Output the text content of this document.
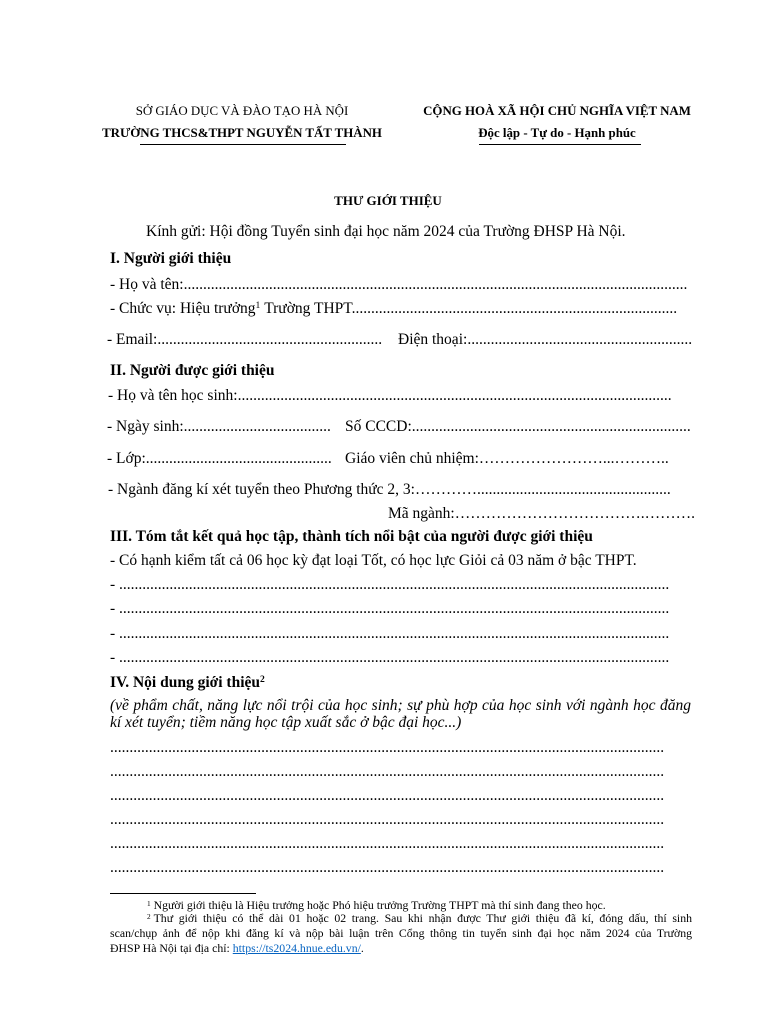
SỞ GIÁO DỤC VÀ ĐÀO TẠO HÀ NỘI
TRƯỜNG THCS&THPT NGUYỄN TẤT THÀNH
CỘNG HOÀ XÃ HỘI CHỦ NGHĨA VIỆT NAM
Độc lập - Tự do - Hạnh phúc
THƯ GIỚI THIỆU
Kính gửi: Hội đồng Tuyển sinh đại học năm 2024 của Trường ĐHSP Hà Nội.
I. Người giới thiệu
- Họ và tên:..................................................................................................................................
- Chức vụ: Hiệu trưởng$^1$ Trường THPT....................................................................................
- Email:.......................................................... Điện thoại:..........................................................
II. Người được giới thiệu
- Họ và tên học sinh:................................................................................................................
- Ngày sinh:...................................... Số CCCD:........................................................................
- Lớp:................................................ Giáo viên chủ nhiệm:……………………...………..
- Ngành đăng kí xét tuyển theo Phương thức 2, 3:…………..................................................
Mã ngành:……………………………….……….
III. Tóm tắt kết quả học tập, thành tích nổi bật của người được giới thiệu
- Có hạnh kiểm tất cả 06 học kỳ đạt loại Tốt, có học lực Giỏi cả 03 năm ở bậc THPT.
- ..............................................................................................................................................
- ..............................................................................................................................................
- ..............................................................................................................................................
- ..............................................................................................................................................
IV. Nội dung giới thiệu$^2$
(về phẩm chất, năng lực nổi trội của học sinh; sự phù hợp của học sinh với ngành học đăng
kí xét tuyển; tiềm năng học tập xuất sắc ở bậc đại học...)
...............................................................................................................................................
...............................................................................................................................................
...............................................................................................................................................
...............................................................................................................................................
...............................................................................................................................................
...............................................................................................................................................
$^1$ Người giới thiệu là Hiệu trưởng hoặc Phó hiệu trưởng Trường THPT mà thí sinh đang theo học.
$^2$ Thư giới thiệu có thể dài 01 hoặc 02 trang. Sau khi nhận được Thư giới thiệu đã kí, đóng dấu, thí sinh
scan/chụp ảnh để nộp khi đăng kí và nộp bài luận trên Cổng thông tin tuyển sinh đại học năm 2024 của Trường
ĐHSP Hà Nội tại địa chỉ: https://ts2024.hnue.edu.vn/.
